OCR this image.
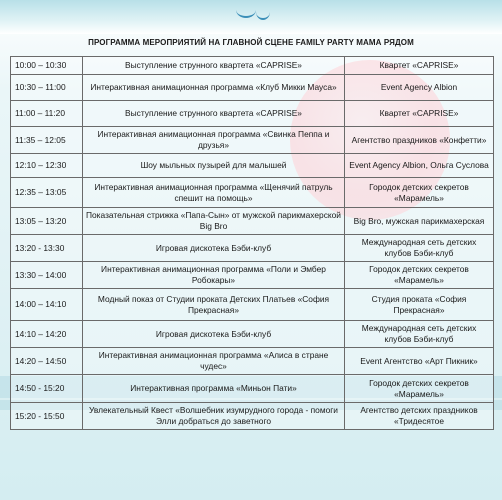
ПРОГРАММА МЕРОПРИЯТИЙ НА ГЛАВНОЙ СЦЕНЕ FAMILY PARTY МАМА РЯДОМ
10:00 – 10:30	Выступление струнного квартета «CAPRISE»	Квартет «CAPRISE»
10:30 – 11:00	Интерактивная анимационная программа «Клуб Микки Мауса»	Event Agency Albion
11:00 – 11:20	Выступление струнного квартета «CAPRISE»	Квартет «CAPRISE»
11:35 – 12:05	Интерактивная анимационная программа «Свинка Пеппа и друзья»	Агентство праздников «Конфетти»
12:10 – 12:30	Шоу мыльных пузырей для малышей	Event Agency Albion, Ольга Суслова
12:35 – 13:05	Интерактивная анимационная программа «Щенячий патруль спешит на помощь»	Городок детских секретов «Марамель»
13:05 – 13:20	Показательная стрижка «Папа-Сын» от мужской парикмахерской Big Bro	Big Bro, мужская парикмахерская
13:20 - 13:30	Игровая дискотека Бэби-клуб	Международная сеть детских клубов Бэби-клуб
13:30 – 14:00	Интерактивная анимационная программа «Поли и Эмбер Робокары»	Городок детских секретов «Марамель»
14:00 – 14:10	Модный показ от Студии проката Детских Платьев «София Прекрасная»	Студия проката «София Прекрасная»
14:10 – 14:20	Игровая дискотека Бэби-клуб	Международная сеть детских клубов Бэби-клуб
14:20 – 14:50	Интерактивная анимационная программа «Алиса в стране чудес»	Event Агентство «Арт Пикник»
14:50 - 15:20	Интерактивная программа «Миньон Пати»	Городок детских секретов «Марамель»
15:20 - 15:50	Увлекательный Квест «Волшебник изумрудного города - помоги Элли добраться до заветного	Агентство детских праздников «Тридесятое
